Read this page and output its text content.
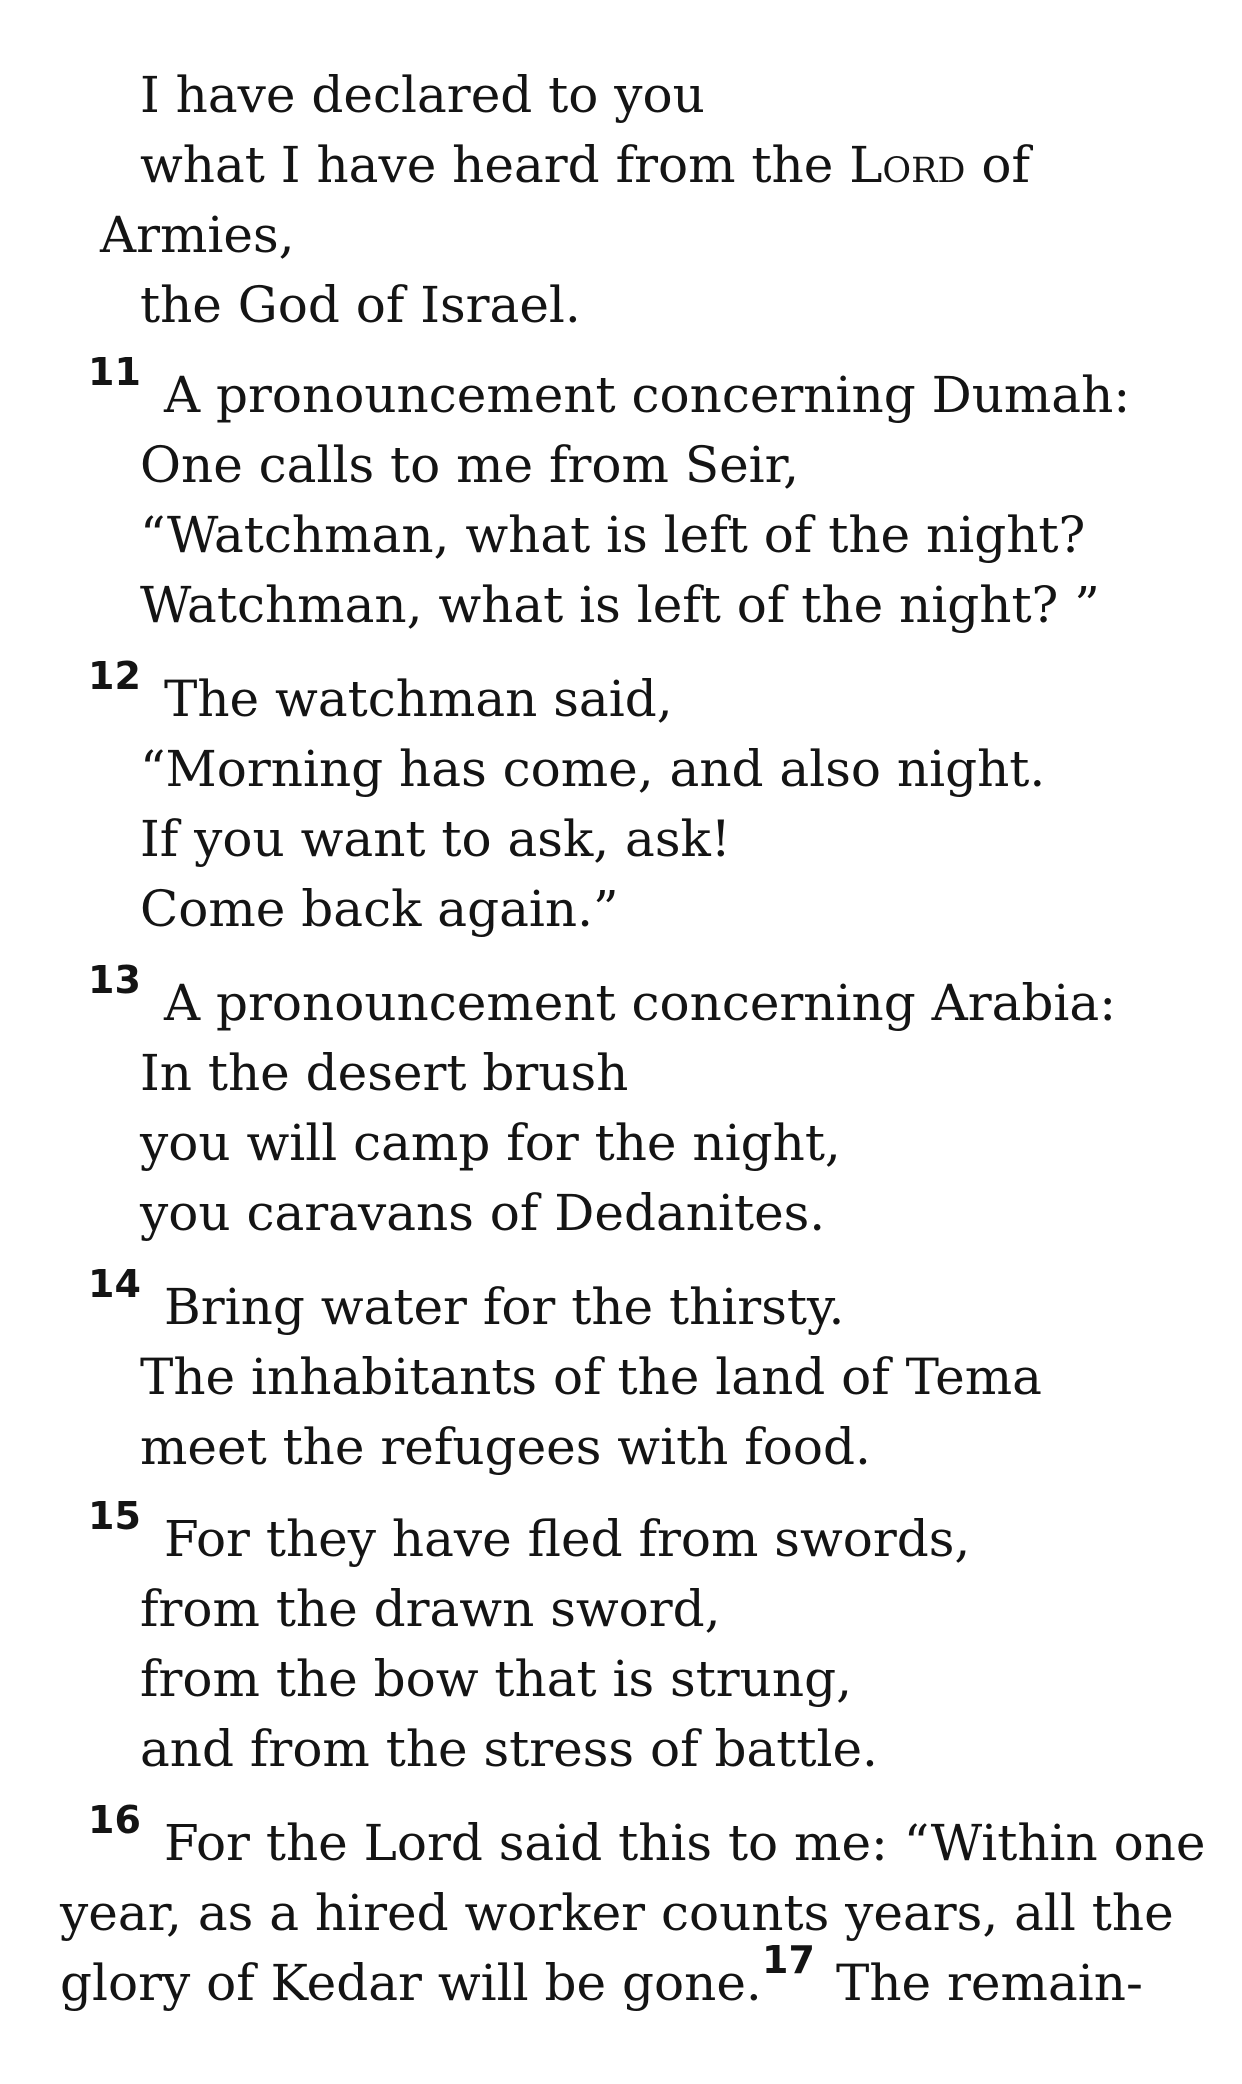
I have declared to you
what I have heard from the Lord of
Armies,
the God of Israel.
11 A pronouncement concerning Dumah:
One calls to me from Seir,
“Watchman, what is left of the night?
Watchman, what is left of the night? ”
12 The watchman said,
“Morning has come, and also night.
If you want to ask, ask!
Come back again.”
13 A pronouncement concerning Arabia:
In the desert brush
you will camp for the night,
you caravans of Dedanites.
14 Bring water for the thirsty.
The inhabitants of the land of Tema
meet the refugees with food.
15 For they have fled from swords,
from the drawn sword,
from the bow that is strung,
and from the stress of battle.
16 For the Lord said this to me: “Within one
year, as a hired worker counts years, all the
glory of Kedar will be gone. 17 The remain-
